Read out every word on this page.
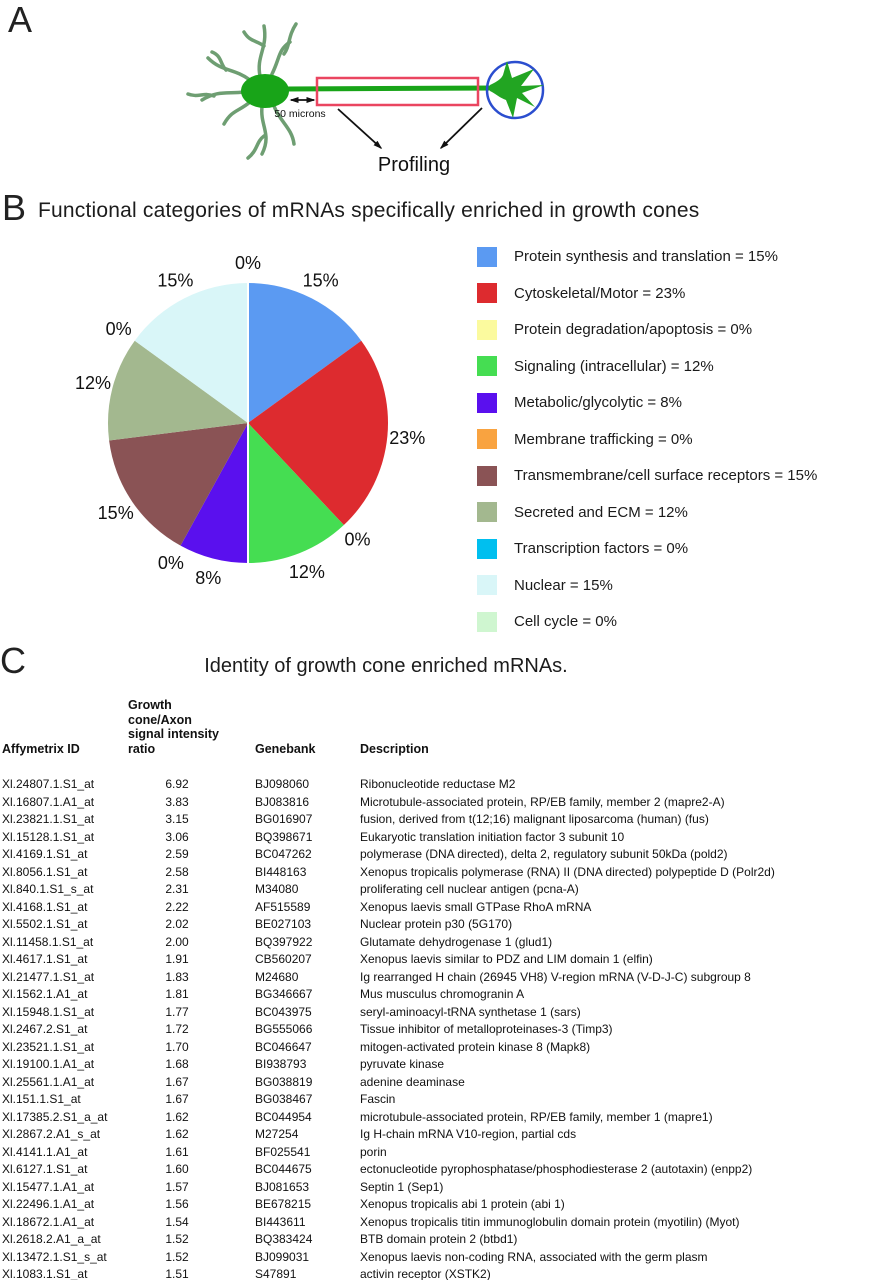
A
50 microns
Profiling
B Functional categories of mRNAs specifically enriched in growth cones
15%
23%
0%
12%
8%
0%
15%
12%
0%
15%
0%	Protein synthesis and translation = 15%
Cytoskeletal/Motor = 23%
Protein degradation/apoptosis = 0%
Signaling (intracellular) = 12%
Metabolic/glycolytic = 8%
Membrane trafficking = 0%
Transmembrane/cell surface receptors = 15%
Secreted and ECM = 12%
Transcription factors = 0%
Nuclear = 15%
Cell cycle = 0%
C	Identity of growth cone enriched mRNAs.
Affymetrix ID
Growth cone/Axon signal intensity ratio	Genebank	Description
Xl.24807.1.S1_at	6.92	BJ098060	Ribonucleotide reductase M2
Xl.16807.1.A1_at	3.83	BJ083816	Microtubule-associated protein, RP/EB family, member 2 (mapre2-A)
Xl.23821.1.S1_at	3.15	BG016907	fusion, derived from t(12;16) malignant liposarcoma (human) (fus)
Xl.15128.1.S1_at	3.06	BQ398671	Eukaryotic translation initiation factor 3 subunit 10
Xl.4169.1.S1_at	2.59	BC047262	polymerase (DNA directed), delta 2, regulatory subunit 50kDa (pold2)
Xl.8056.1.S1_at	2.58	BI448163	Xenopus tropicalis polymerase (RNA) II (DNA directed) polypeptide D (Polr2d)
Xl.840.1.S1_s_at	2.31	M34080	proliferating cell nuclear antigen (pcna-A)
Xl.4168.1.S1_at	2.22	AF515589	Xenopus laevis small GTPase RhoA mRNA
Xl.5502.1.S1_at	2.02	BE027103	Nuclear protein p30 (5G170)
Xl.11458.1.S1_at	2.00	BQ397922	Glutamate dehydrogenase 1 (glud1)
Xl.4617.1.S1_at	1.91	CB560207	Xenopus laevis similar to PDZ and LIM domain 1 (elfin)
Xl.21477.1.S1_at	1.83	M24680	Ig rearranged H chain (26945 VH8) V-region mRNA (V-D-J-C) subgroup 8
Xl.1562.1.A1_at	1.81	BG346667	Mus musculus chromogranin A
Xl.15948.1.S1_at	1.77	BC043975	seryl-aminoacyl-tRNA synthetase 1 (sars)
Xl.2467.2.S1_at	1.72	BG555066	Tissue inhibitor of metalloproteinases-3 (Timp3)
Xl.23521.1.S1_at	1.70	BC046647	mitogen-activated protein kinase 8 (Mapk8)
Xl.19100.1.A1_at	1.68	BI938793	pyruvate kinase
Xl.25561.1.A1_at	1.67	BG038819	adenine deaminase
Xl.151.1.S1_at	1.67	BG038467	Fascin
Xl.17385.2.S1_a_at	1.62	BC044954	microtubule-associated protein, RP/EB family, member 1 (mapre1)
Xl.2867.2.A1_s_at	1.62	M27254	Ig H-chain mRNA V10-region, partial cds
Xl.4141.1.A1_at	1.61	BF025541	porin
Xl.6127.1.S1_at	1.60	BC044675	ectonucleotide pyrophosphatase/phosphodiesterase 2 (autotaxin) (enpp2)
Xl.15477.1.A1_at	1.57	BJ081653	Septin 1 (Sep1)
Xl.22496.1.A1_at	1.56	BE678215	Xenopus tropicalis abi 1 protein (abi 1)
Xl.18672.1.A1_at	1.54	BI443611	Xenopus tropicalis titin immunoglobulin domain protein (myotilin) (Myot)
Xl.2618.2.A1_a_at	1.52	BQ383424	BTB domain protein 2 (btbd1)
Xl.13472.1.S1_s_at	1.52	BJ099031	Xenopus laevis non-coding RNA, associated with the germ plasm
Xl.1083.1.S1_at	1.51	S47891	activin receptor (XSTK2)
